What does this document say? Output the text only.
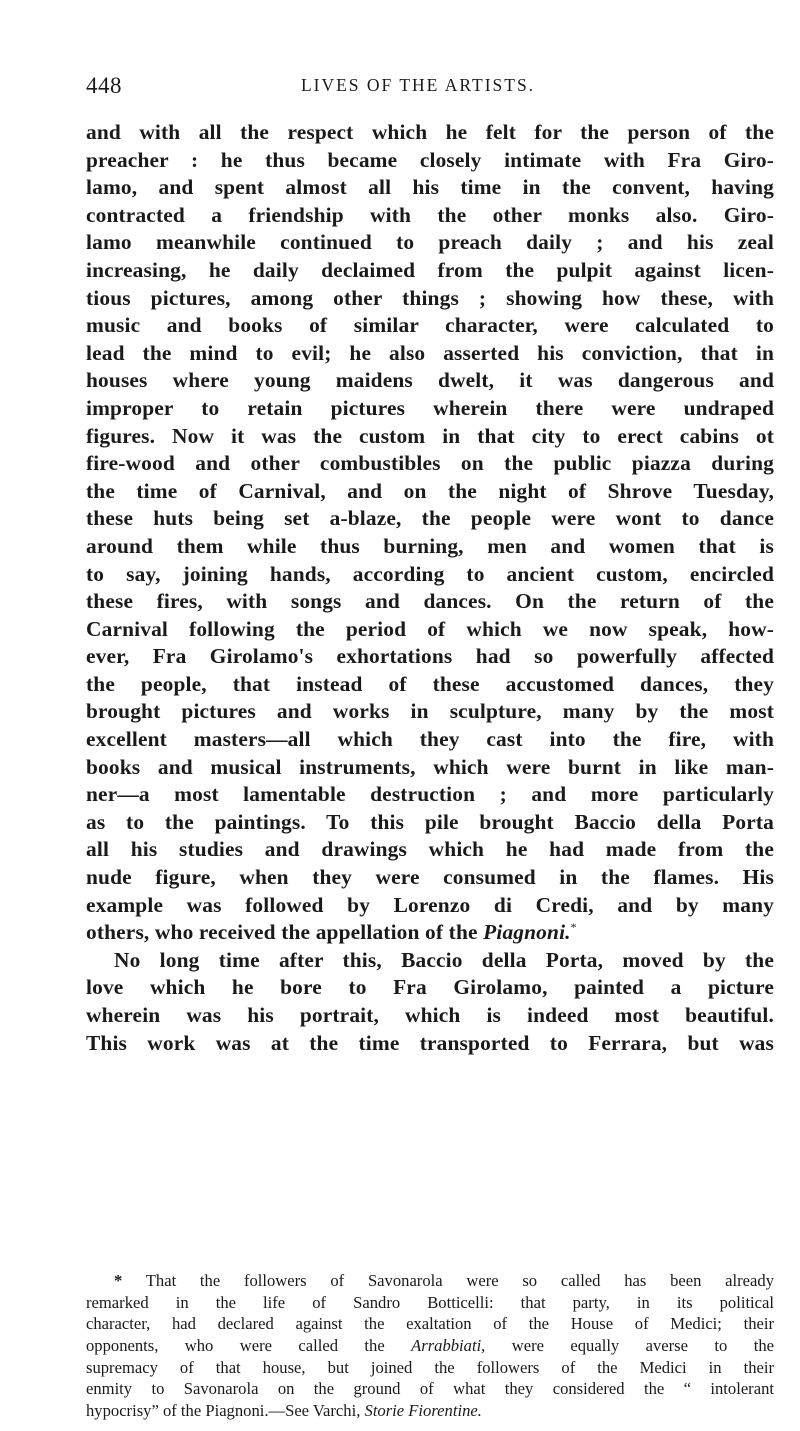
448	LIVES OF THE ARTISTS.
and with all the respect which he felt for the person of the
preacher : he thus became closely intimate with Fra Giro-
lamo, and spent almost all his time in the convent, having
contracted a friendship with the other monks also. Giro-
lamo meanwhile continued to preach daily ; and his zeal
increasing, he daily declaimed from the pulpit against licen-
tious pictures, among other things ; showing how these, with
music and books of similar character, were calculated to
lead the mind to evil; he also asserted his conviction, that in
houses where young maidens dwelt, it was dangerous and
improper to retain pictures wherein there were undraped
figures. Now it was the custom in that city to erect cabins ot
fire-wood and other combustibles on the public piazza during
the time of Carnival, and on the night of Shrove Tuesday,
these huts being set a-blaze, the people were wont to dance
around them while thus burning, men and women that is
to say, joining hands, according to ancient custom, encircled
these fires, with songs and dances. On the return of the
Carnival following the period of which we now speak, how-
ever, Fra Girolamo's exhortations had so powerfully affected
the people, that instead of these accustomed dances, they
brought pictures and works in sculpture, many by the most
excellent masters—all which they cast into the fire, with
books and musical instruments, which were burnt in like man-
ner—a most lamentable destruction ; and more particularly
as to the paintings. To this pile brought Baccio della Porta
all his studies and drawings which he had made from the
nude figure, when they were consumed in the flames. His
example was followed by Lorenzo di Credi, and by many
others, who received the appellation of the Piagnoni.*
No long time after this, Baccio della Porta, moved by the
love which he bore to Fra Girolamo, painted a picture
wherein was his portrait, which is indeed most beautiful.
This work was at the time transported to Ferrara, but was
* That the followers of Savonarola were so called has been already
remarked in the life of Sandro Botticelli: that party, in its political
character, had declared against the exaltation of the House of Medici; their
opponents, who were called the Arrabbiati, were equally averse to the
supremacy of that house, but joined the followers of the Medici in their
enmity to Savonarola on the ground of what they considered the “ intolerant
hypocrisy” of the Piagnoni.—See Varchi, Storie Fiorentine.
